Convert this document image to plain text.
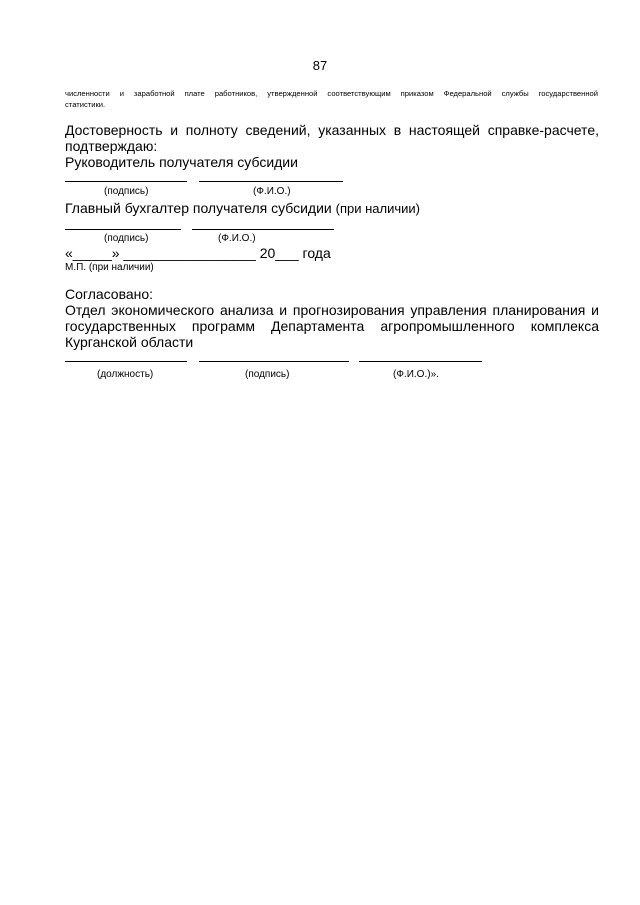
87
численности и заработной плате работников, утвержденной соответствующим приказом Федеральной службы государственной
статистики.
Достоверность и полноту сведений, указанных в настоящей справке-расчете,
подтверждаю:
Руководитель получателя субсидии
(подпись)	(Ф.И.О.)
Главный бухгалтер получателя субсидии (при наличии)
(подпись)	(Ф.И.О.)
«_____» _________________ 20___ года
М.П. (при наличии)
Согласовано:
Отдел экономического анализа и прогнозирования управления планирования и
государственных программ Департамента агропромышленного комплекса
Курганской области
(должность)	(подпись)	(Ф.И.О.)».
